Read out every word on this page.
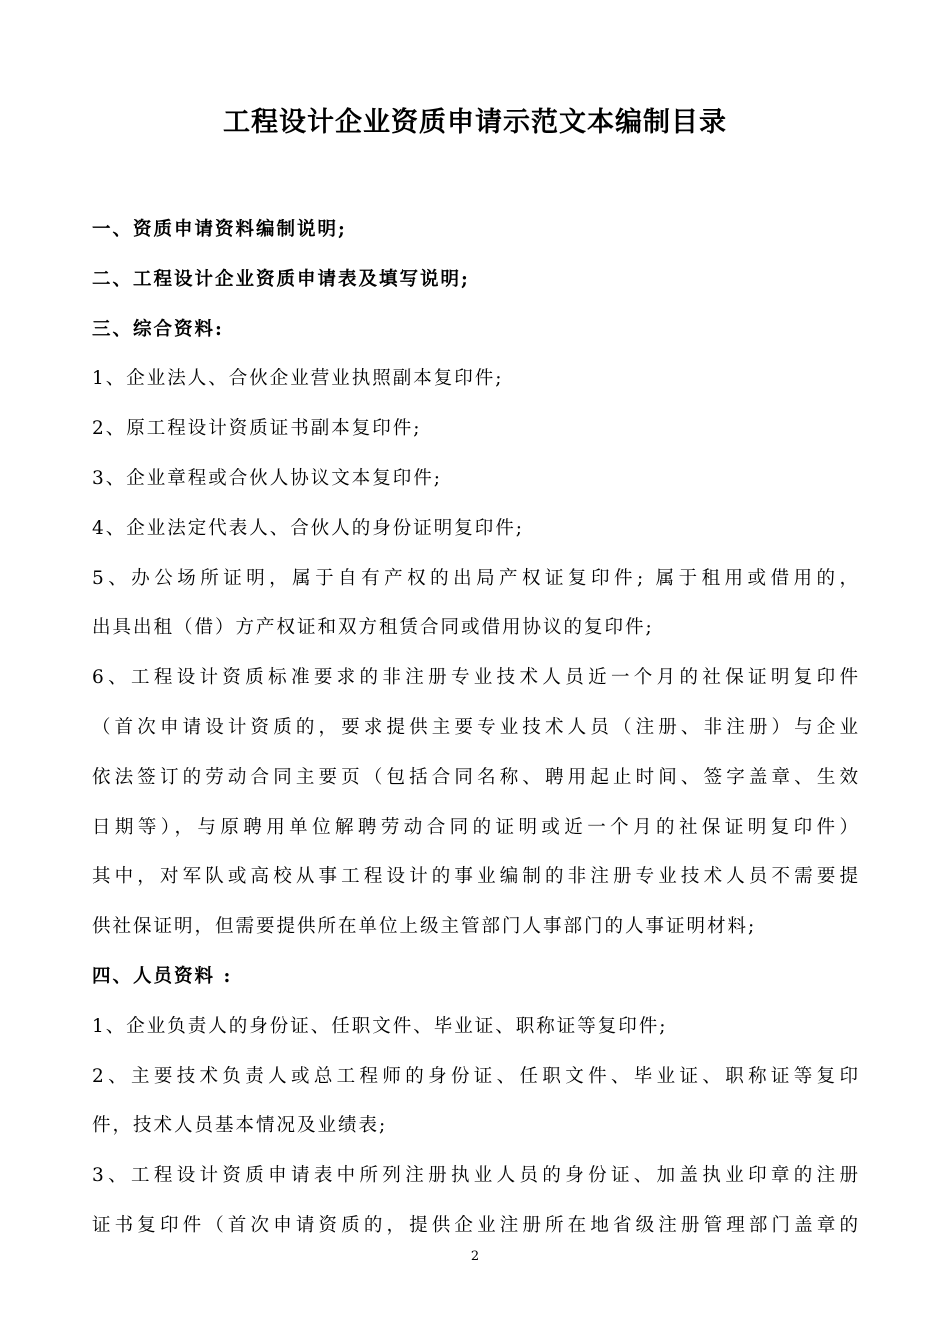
工程设计企业资质申请示范文本编制目录
一、资质申请资料编制说明;
二、工程设计企业资质申请表及填写说明;
三、综合资料:
1、企业法人、合伙企业营业执照副本复印件;
2、原工程设计资质证书副本复印件;
3、企业章程或合伙人协议文本复印件;
4、企业法定代表人、合伙人的身份证明复印件;
5、办公场所证明，属于自有产权的出局产权证复印件; 属于租用或借用的，
出具出租（借）方产权证和双方租赁合同或借用协议的复印件;
6、工程设计资质标准要求的非注册专业技术人员近一个月的社保证明复印件
（首次申请设计资质的，要求提供主要专业技术人员（注册、非注册）与企业
依法签订的劳动合同主要页（包括合同名称、聘用起止时间、签字盖章、生效
日期等），与原聘用单位解聘劳动合同的证明或近一个月的社保证明复印件）
其中，对军队或高校从事工程设计的事业编制的非注册专业技术人员不需要提
供社保证明，但需要提供所在单位上级主管部门人事部门的人事证明材料;
四、人员资料 :
1、企业负责人的身份证、任职文件、毕业证、职称证等复印件;
2、主要技术负责人或总工程师的身份证、任职文件、毕业证、职称证等复印
件，技术人员基本情况及业绩表;
3、工程设计资质申请表中所列注册执业人员的身份证、加盖执业印章的注册
证书复印件（首次申请资质的，提供企业注册所在地省级注册管理部门盖章的
2
